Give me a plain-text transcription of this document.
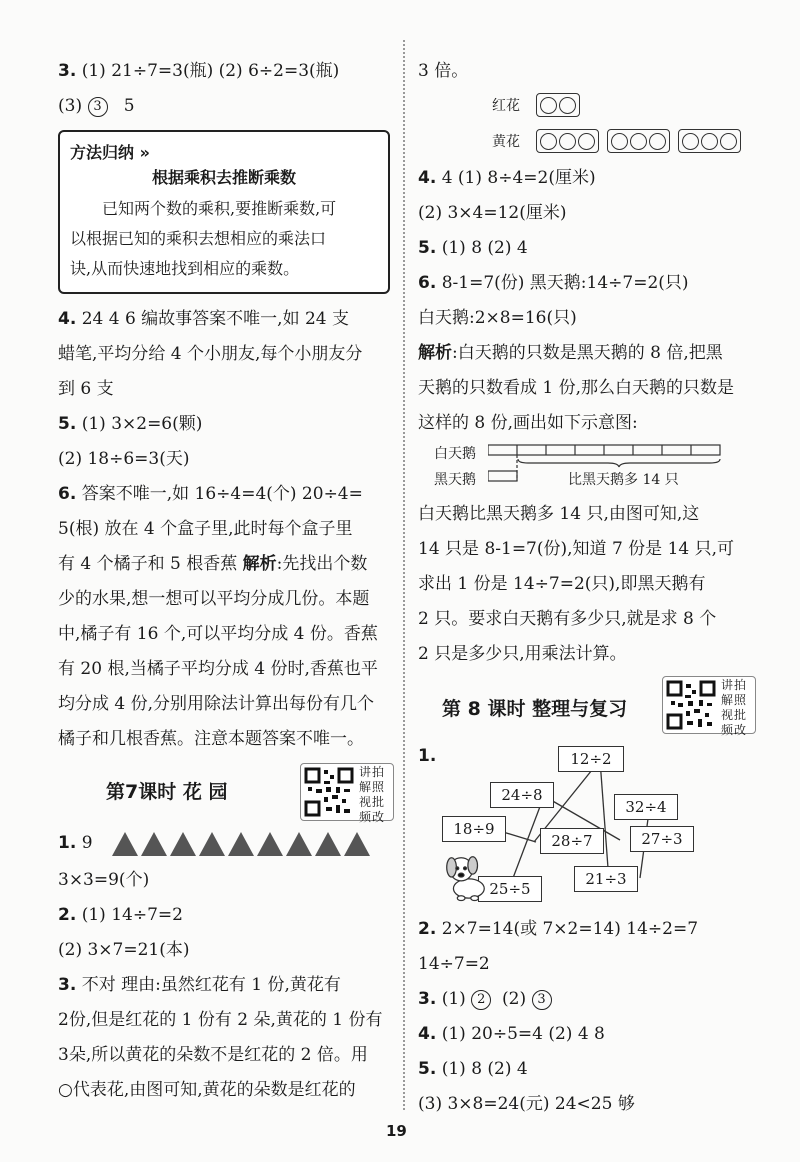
3. (1) 21÷7=3(瓶) (2) 6÷2=3(瓶)
(3) 3 5
方法归纳 »
根据乘积去推断乘数
已知两个数的乘积,要推断乘数,可
以根据已知的乘积去想相应的乘法口
诀,从而快速地找到相应的乘数。
4. 24 4 6 编故事答案不唯一,如 24 支
蜡笔,平均分给 4 个小朋友,每个小朋友分
到 6 支
5. (1) 3×2=6(颗)
(2) 18÷6=3(天)
6. 答案不唯一,如 16÷4=4(个) 20÷4=
5(根) 放在 4 个盒子里,此时每个盒子里
有 4 个橘子和 5 根香蕉 解析:先找出个数
少的水果,想一想可以平均分成几份。本题
中,橘子有 16 个,可以平均分成 4 份。香蕉
有 20 根,当橘子平均分成 4 份时,香蕉也平
均分成 4 份,分别用除法计算出每份有几个
橘子和几根香蕉。注意本题答案不唯一。
第7课时 花 园
讲拍
解照
视批
频改
1. 9
3×3=9(个)
2. (1) 14÷7=2
(2) 3×7=21(本)
3. 不对 理由:虽然红花有 1 份,黄花有
2份,但是红花的 1 份有 2 朵,黄花的 1 份有
3朵,所以黄花的朵数不是红花的 2 倍。用
○代表花,由图可知,黄花的朵数是红花的
3 倍。
红花
黄花
4. 4 (1) 8÷4=2(厘米)
(2) 3×4=12(厘米)
5. (1) 8 (2) 4
6. 8-1=7(份) 黑天鹅:14÷7=2(只)
白天鹅:2×8=16(只)
解析:白天鹅的只数是黑天鹅的 8 倍,把黑
天鹅的只数看成 1 份,那么白天鹅的只数是
这样的 8 份,画出如下示意图:
白天鹅
黑天鹅	比黑天鹅多 14 只
白天鹅比黑天鹅多 14 只,由图可知,这
14 只是 8-1=7(份),知道 7 份是 14 只,可
求出 1 份是 14÷7=2(只),即黑天鹅有
2 只。要求白天鹅有多少只,就是求 8 个
2 只是多少只,用乘法计算。
第 8 课时 整理与复习
讲拍
解照
视批
频改
1.	12÷2
24÷8
32÷4
28÷7
18÷9
27÷3
21÷3
25÷5
2. 2×7=14(或 7×2=14) 14÷2=7
14÷7=2
3. (1) 2 (2) 3
4. (1) 20÷5=4 (2) 4 8
5. (1) 8 (2) 4
(3) 3×8=24(元) 24<25 够
19
